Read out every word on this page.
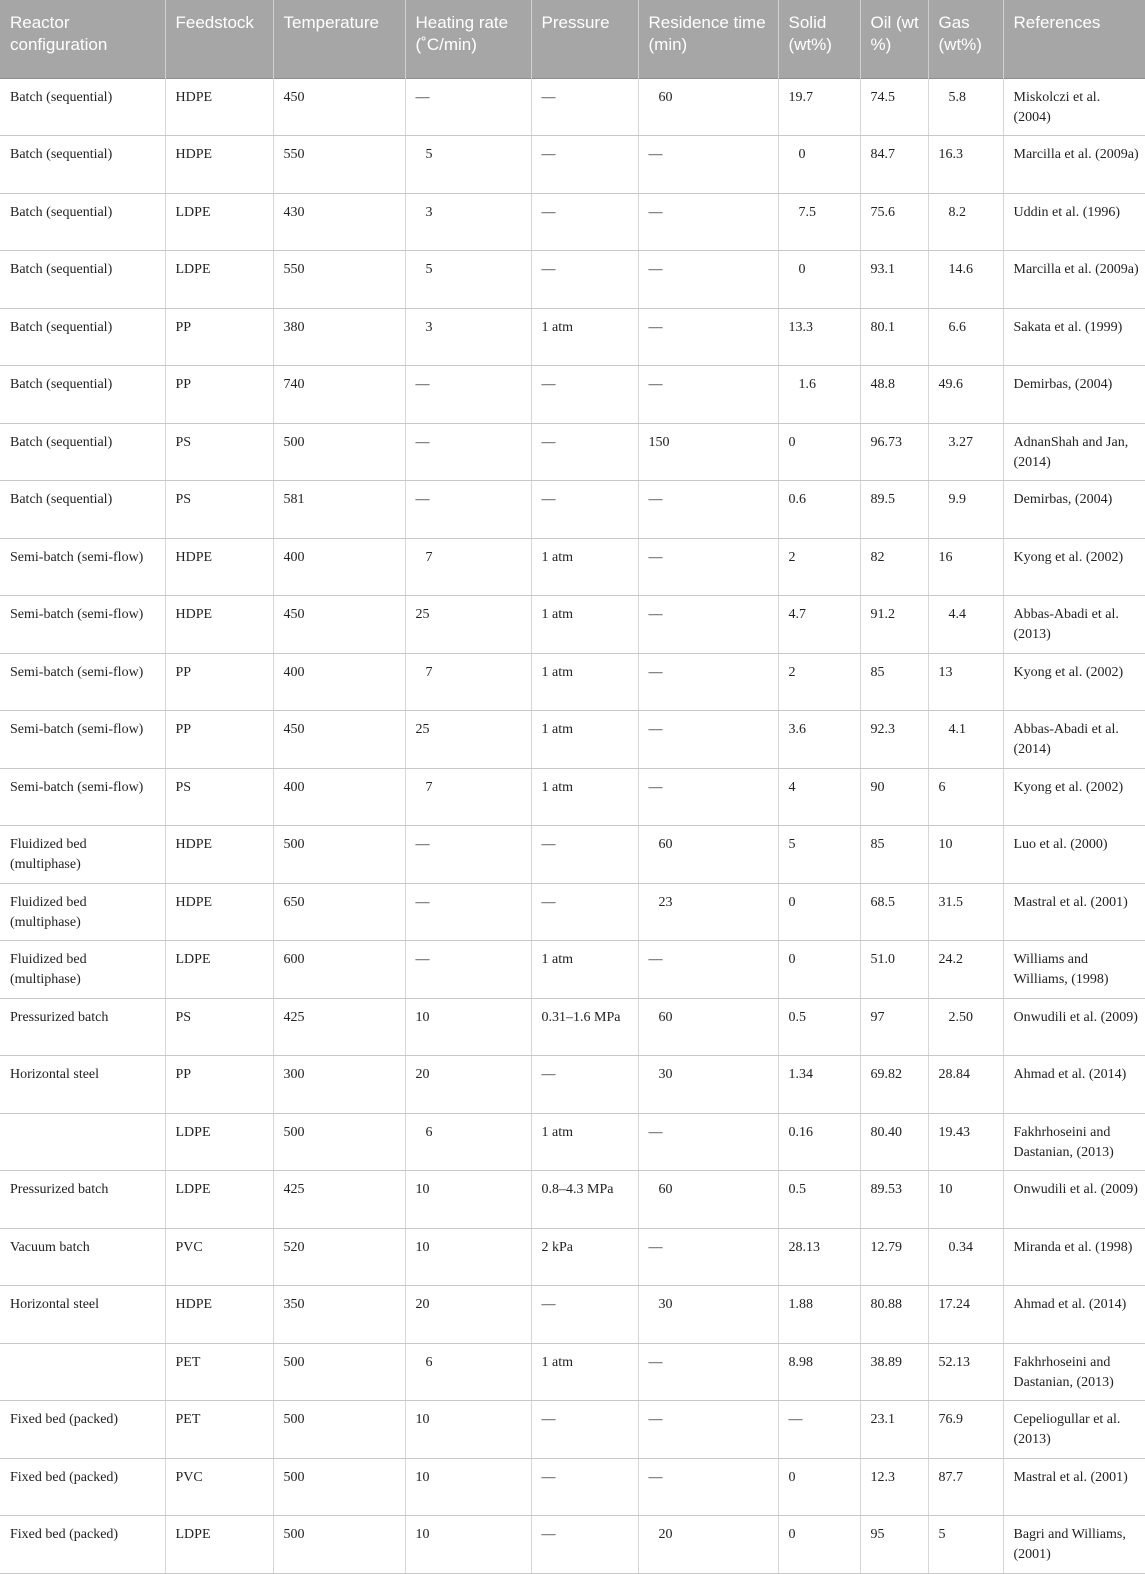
Reactor configuration	Feedstock	Temperature	Heating rate (˚C/min)	Pressure	Residence time (min)	Solid (wt%)	Oil (wt %)	Gas (wt%)	References
Batch (sequential)	HDPE	450	—	—	60	19.7	74.5	5.8	Miskolczi et al. (2004)
Batch (sequential)	HDPE	550	5	—	—	0	84.7	16.3	Marcilla et al. (2009a)
Batch (sequential)	LDPE	430	3	—	—	7.5	75.6	8.2	Uddin et al. (1996)
Batch (sequential)	LDPE	550	5	—	—	0	93.1	14.6	Marcilla et al. (2009a)
Batch (sequential)	PP	380	3	1 atm	—	13.3	80.1	6.6	Sakata et al. (1999)
Batch (sequential)	PP	740	—	—	—	1.6	48.8	49.6	Demirbas, (2004)
Batch (sequential)	PS	500	—	—	150	0	96.73	3.27	AdnanShah and Jan, (2014)
Batch (sequential)	PS	581	—	—	—	0.6	89.5	9.9	Demirbas, (2004)
Semi-batch (semi-flow)	HDPE	400	7	1 atm	—	2	82	16	Kyong et al. (2002)
Semi-batch (semi-flow)	HDPE	450	25	1 atm	—	4.7	91.2	4.4	Abbas-Abadi et al. (2013)
Semi-batch (semi-flow)	PP	400	7	1 atm	—	2	85	13	Kyong et al. (2002)
Semi-batch (semi-flow)	PP	450	25	1 atm	—	3.6	92.3	4.1	Abbas-Abadi et al. (2014)
Semi-batch (semi-flow)	PS	400	7	1 atm	—	4	90	6	Kyong et al. (2002)
Fluidized bed (multiphase)	HDPE	500	—	—	60	5	85	10	Luo et al. (2000)
Fluidized bed (multiphase)	HDPE	650	—	—	23	0	68.5	31.5	Mastral et al. (2001)
Fluidized bed (multiphase)	LDPE	600	—	1 atm	—	0	51.0	24.2	Williams and Williams, (1998)
Pressurized batch	PS	425	10	0.31–1.6 MPa	60	0.5	97	2.50	Onwudili et al. (2009)
Horizontal steel	PP	300	20	—	30	1.34	69.82	28.84	Ahmad et al. (2014)
	LDPE	500	6	1 atm	—	0.16	80.40	19.43	Fakhrhoseini and Dastanian, (2013)
Pressurized batch	LDPE	425	10	0.8–4.3 MPa	60	0.5	89.53	10	Onwudili et al. (2009)
Vacuum batch	PVC	520	10	2 kPa	—	28.13	12.79	0.34	Miranda et al. (1998)
Horizontal steel	HDPE	350	20	—	30	1.88	80.88	17.24	Ahmad et al. (2014)
	PET	500	6	1 atm	—	8.98	38.89	52.13	Fakhrhoseini and Dastanian, (2013)
Fixed bed (packed)	PET	500	10	—	—	—	23.1	76.9	Cepeliogullar et al. (2013)
Fixed bed (packed)	PVC	500	10	—	—	0	12.3	87.7	Mastral et al. (2001)
Fixed bed (packed)	LDPE	500	10	—	20	0	95	5	Bagri and Williams, (2001)
